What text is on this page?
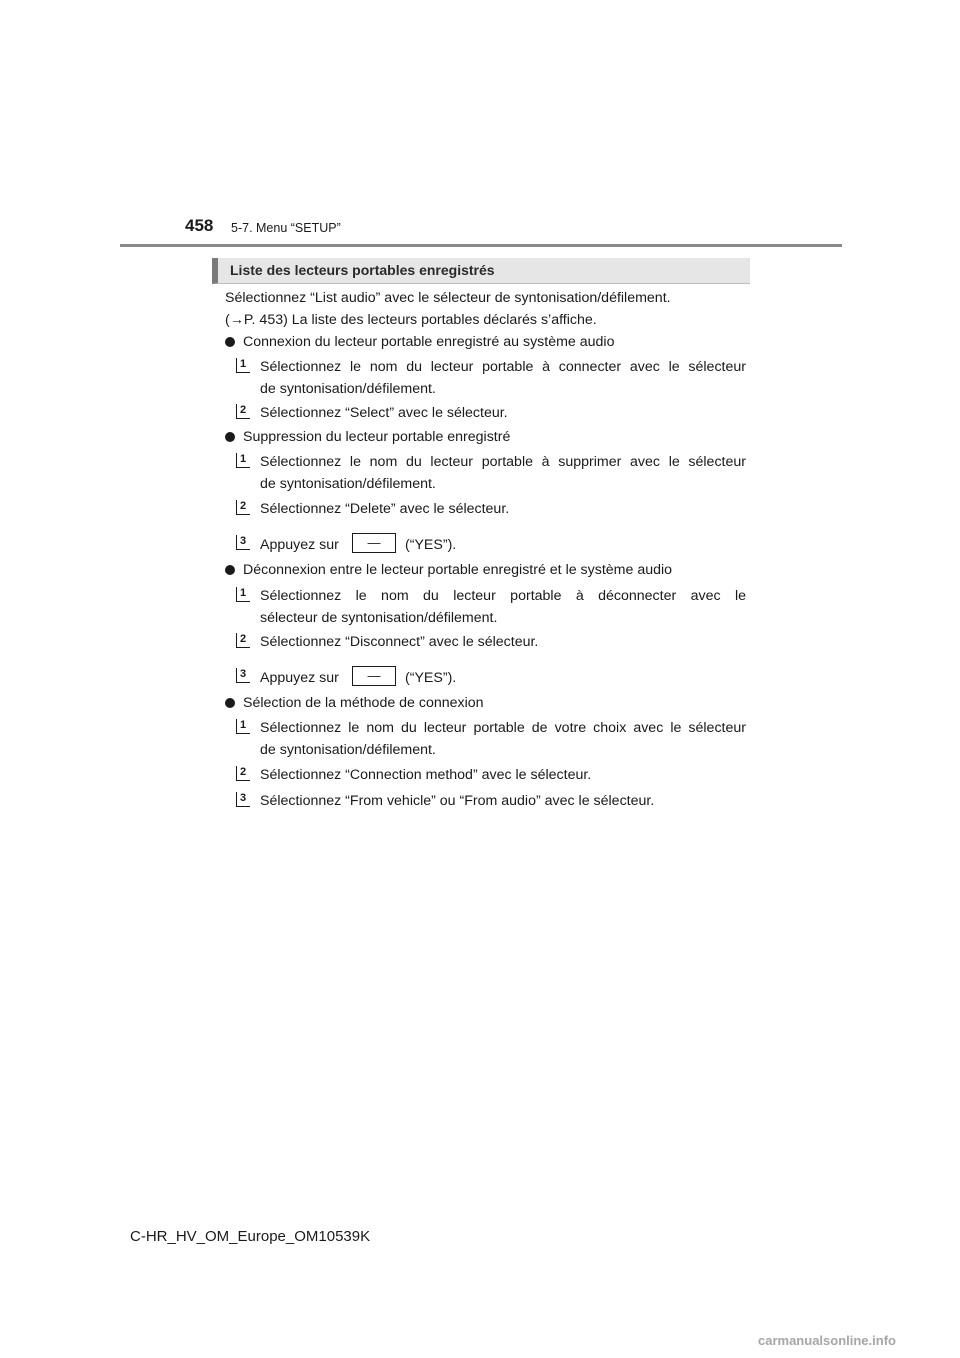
458 5-7. Menu “SETUP”
Liste des lecteurs portables enregistrés
Sélectionnez “List audio” avec le sélecteur de syntonisation/défilement.
(→P. 453) La liste des lecteurs portables déclarés s’affiche.
Connexion du lecteur portable enregistré au système audio
1 Sélectionnez le nom du lecteur portable à connecter avec le sélecteur
de syntonisation/défilement.
2 Sélectionnez “Select” avec le sélecteur.
Suppression du lecteur portable enregistré
1 Sélectionnez le nom du lecteur portable à supprimer avec le sélecteur
de syntonisation/défilement.
2 Sélectionnez “Delete” avec le sélecteur.
3 Appuyez sur	—	(“YES”).
Déconnexion entre le lecteur portable enregistré et le système audio
1 Sélectionnez le nom du lecteur portable à déconnecter avec le
sélecteur de syntonisation/défilement.
2 Sélectionnez “Disconnect” avec le sélecteur.
3 Appuyez sur	—	(“YES”).
Sélection de la méthode de connexion
1 Sélectionnez le nom du lecteur portable de votre choix avec le sélecteur
de syntonisation/défilement.
2 Sélectionnez “Connection method” avec le sélecteur.
3 Sélectionnez “From vehicle” ou “From audio” avec le sélecteur.
C-HR_HV_OM_Europe_OM10539K
carmanualsonline.info
